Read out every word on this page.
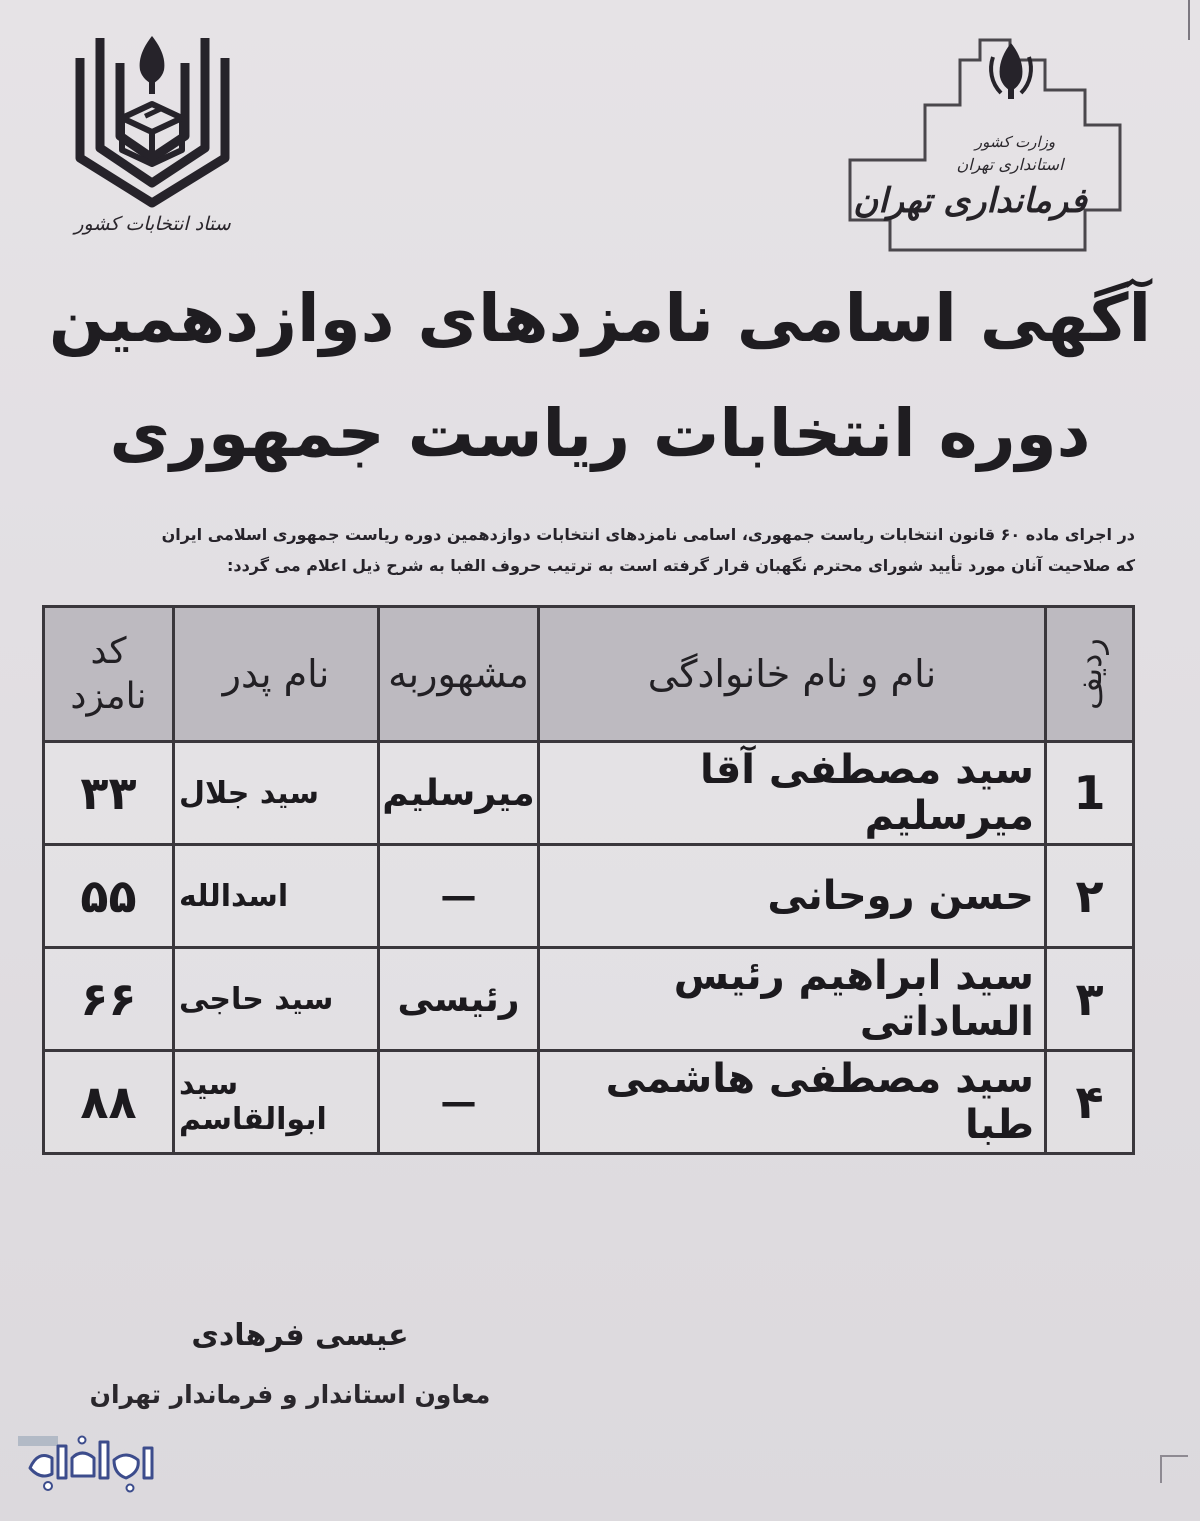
ستاد انتخابات کشور
وزارت کشور
استانداری تهران
فرمانداری تهران
آگهی اسامی نامزدهای دوازدهمین
دوره انتخابات ریاست جمهوری
در اجرای ماده ۶۰ قانون انتخابات ریاست جمهوری، اسامی نامزدهای انتخابات دوازدهمین دوره ریاست جمهوری اسلامی ایران
که صلاحیت آنان مورد تأیید شورای محترم نگهبان قرار گرفته است به ترتیب حروف الفبا به شرح ذیل اعلام می گردد:
ردیف	نام و نام خانوادگی	مشهوربه	نام پدر	کد
نامزد

1	سید مصطفی آقا میرسلیم	میرسلیم	سید جلال	۳۳
۲	حسن روحانی	—	اسدالله	۵۵
۳	سید ابراهیم رئیس الساداتی	رئیسی	سید حاجی	۶۶
۴	سید مصطفی هاشمی طبا	—	سید ابوالقاسم	۸۸
عیسی فرهادی
معاون استاندار و فرماندار تهران
